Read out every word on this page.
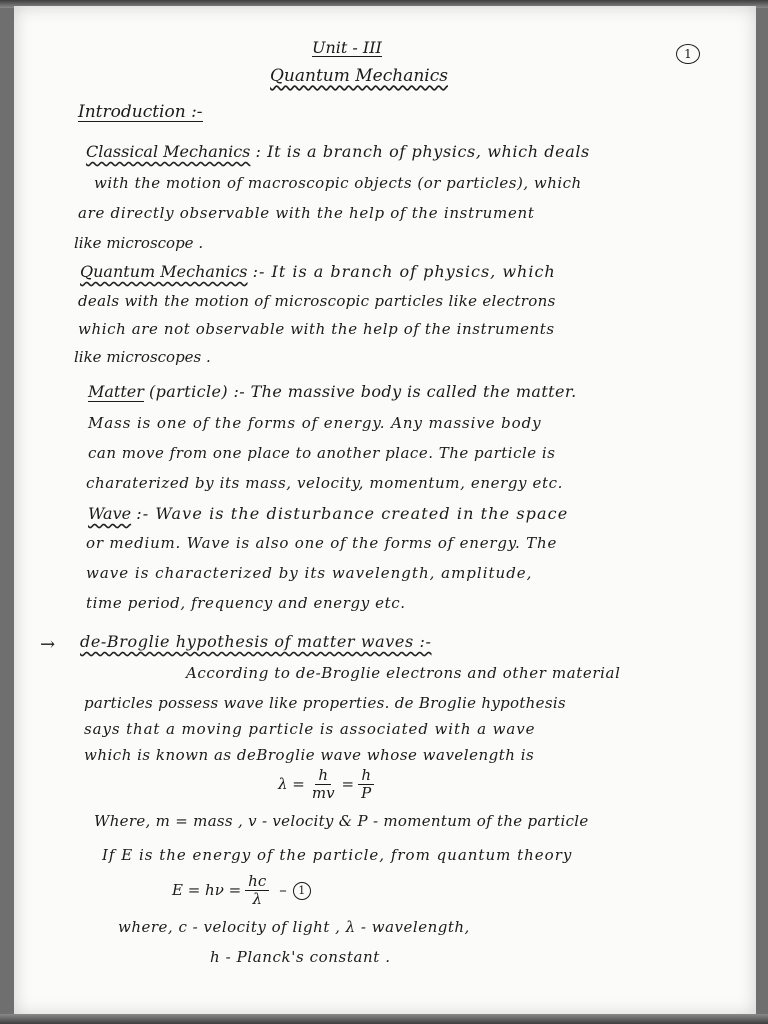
Unit - III	1
Quantum Mechanics
Introduction :-
Classical Mechanics : It is a branch of physics, which deals
with the motion of macroscopic objects (or particles), which
are directly observable with the help of the instrument
like microscope .
Quantum Mechanics :- It is a branch of physics, which
deals with the motion of microscopic particles like electrons
which are not observable with the help of the instruments
like microscopes .
Matter (particle) :- The massive body is called the matter.
Mass is one of the forms of energy. Any massive body
can move from one place to another place. The particle is
charaterized by its mass, velocity, momentum, energy etc.
Wave :- Wave is the disturbance created in the space
or medium. Wave is also one of the forms of energy. The
wave is characterized by its wavelength, amplitude,
time period, frequency and energy etc.
→ de-Broglie hypothesis of matter waves :-
According to de-Broglie electrons and other material
particles possess wave like properties. de Broglie hypothesis
says that a moving particle is associated with a wave
which is known as deBroglie wave whose wavelength is
$\lambda = \frac{h}{mv} = \frac{h}{P}$
Where, m = mass , v - velocity & P - momentum of the particle
If E is the energy of the particle, from quantum theory
$E = h\nu = \frac{hc}{\lambda}$ –	1
where, c - velocity of light , λ - wavelength,
h - Planck's constant .
